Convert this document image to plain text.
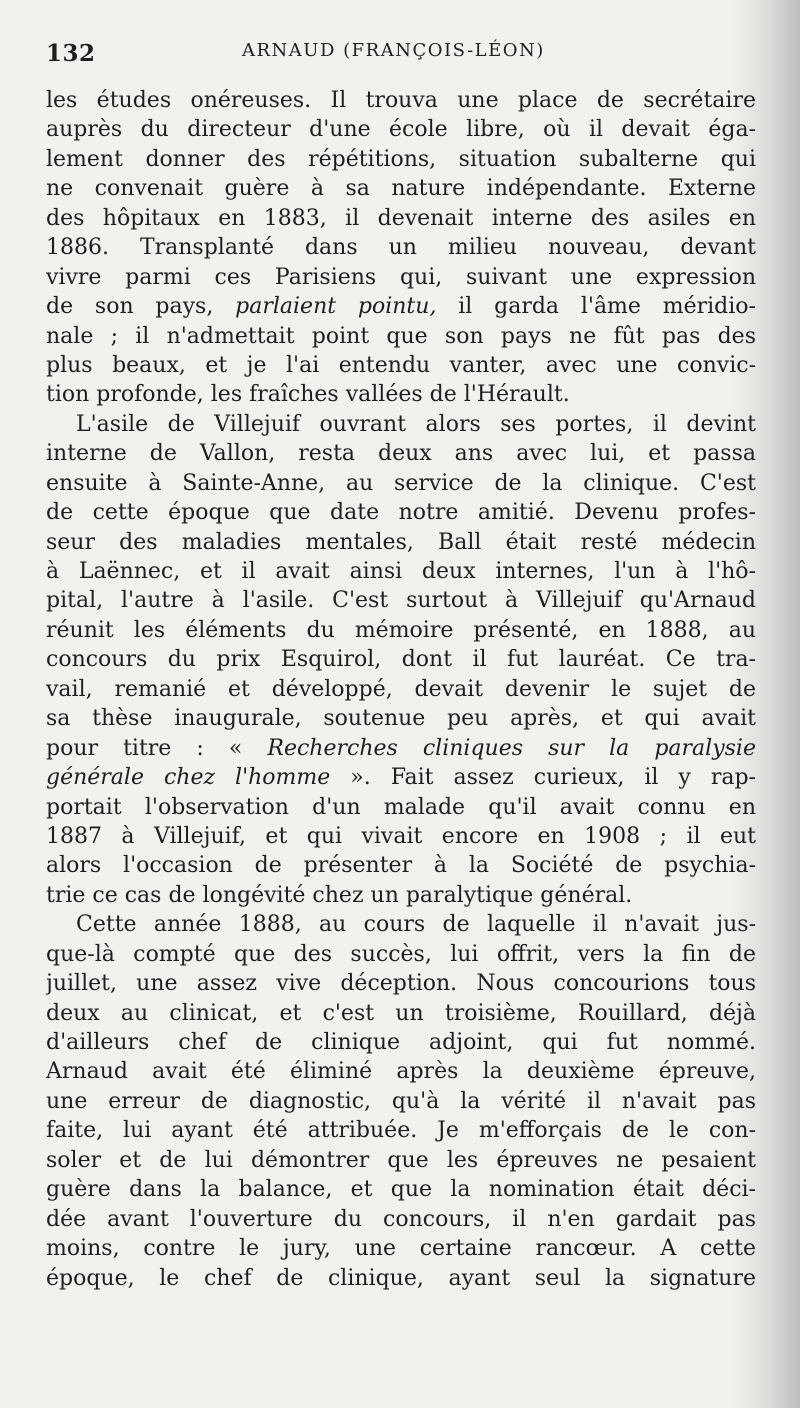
132	ARNAUD (FRANÇOIS-LÉON)
les études onéreuses. Il trouva une place de secrétaire
auprès du directeur d'une école libre, où il devait éga-
lement donner des répétitions, situation subalterne qui
ne convenait guère à sa nature indépendante. Externe
des hôpitaux en 1883, il devenait interne des asiles en
1886. Transplanté dans un milieu nouveau, devant
vivre parmi ces Parisiens qui, suivant une expression
de son pays, parlaient pointu, il garda l'âme méridio-
nale ; il n'admettait point que son pays ne fût pas des
plus beaux, et je l'ai entendu vanter, avec une convic-
tion profonde, les fraîches vallées de l'Hérault.
L'asile de Villejuif ouvrant alors ses portes, il devint
interne de Vallon, resta deux ans avec lui, et passa
ensuite à Sainte-Anne, au service de la clinique. C'est
de cette époque que date notre amitié. Devenu profes-
seur des maladies mentales, Ball était resté médecin
à Laënnec, et il avait ainsi deux internes, l'un à l'hô-
pital, l'autre à l'asile. C'est surtout à Villejuif qu'Arnaud
réunit les éléments du mémoire présenté, en 1888, au
concours du prix Esquirol, dont il fut lauréat. Ce tra-
vail, remanié et développé, devait devenir le sujet de
sa thèse inaugurale, soutenue peu après, et qui avait
pour titre : « Recherches cliniques sur la paralysie
générale chez l'homme ». Fait assez curieux, il y rap-
portait l'observation d'un malade qu'il avait connu en
1887 à Villejuif, et qui vivait encore en 1908 ; il eut
alors l'occasion de présenter à la Société de psychia-
trie ce cas de longévité chez un paralytique général.
Cette année 1888, au cours de laquelle il n'avait jus-
que-là compté que des succès, lui offrit, vers la fin de
juillet, une assez vive déception. Nous concourions tous
deux au clinicat, et c'est un troisième, Rouillard, déjà
d'ailleurs chef de clinique adjoint, qui fut nommé.
Arnaud avait été éliminé après la deuxième épreuve,
une erreur de diagnostic, qu'à la vérité il n'avait pas
faite, lui ayant été attribuée. Je m'efforçais de le con-
soler et de lui démontrer que les épreuves ne pesaient
guère dans la balance, et que la nomination était déci-
dée avant l'ouverture du concours, il n'en gardait pas
moins, contre le jury, une certaine rancœur. A cette
époque, le chef de clinique, ayant seul la signature
